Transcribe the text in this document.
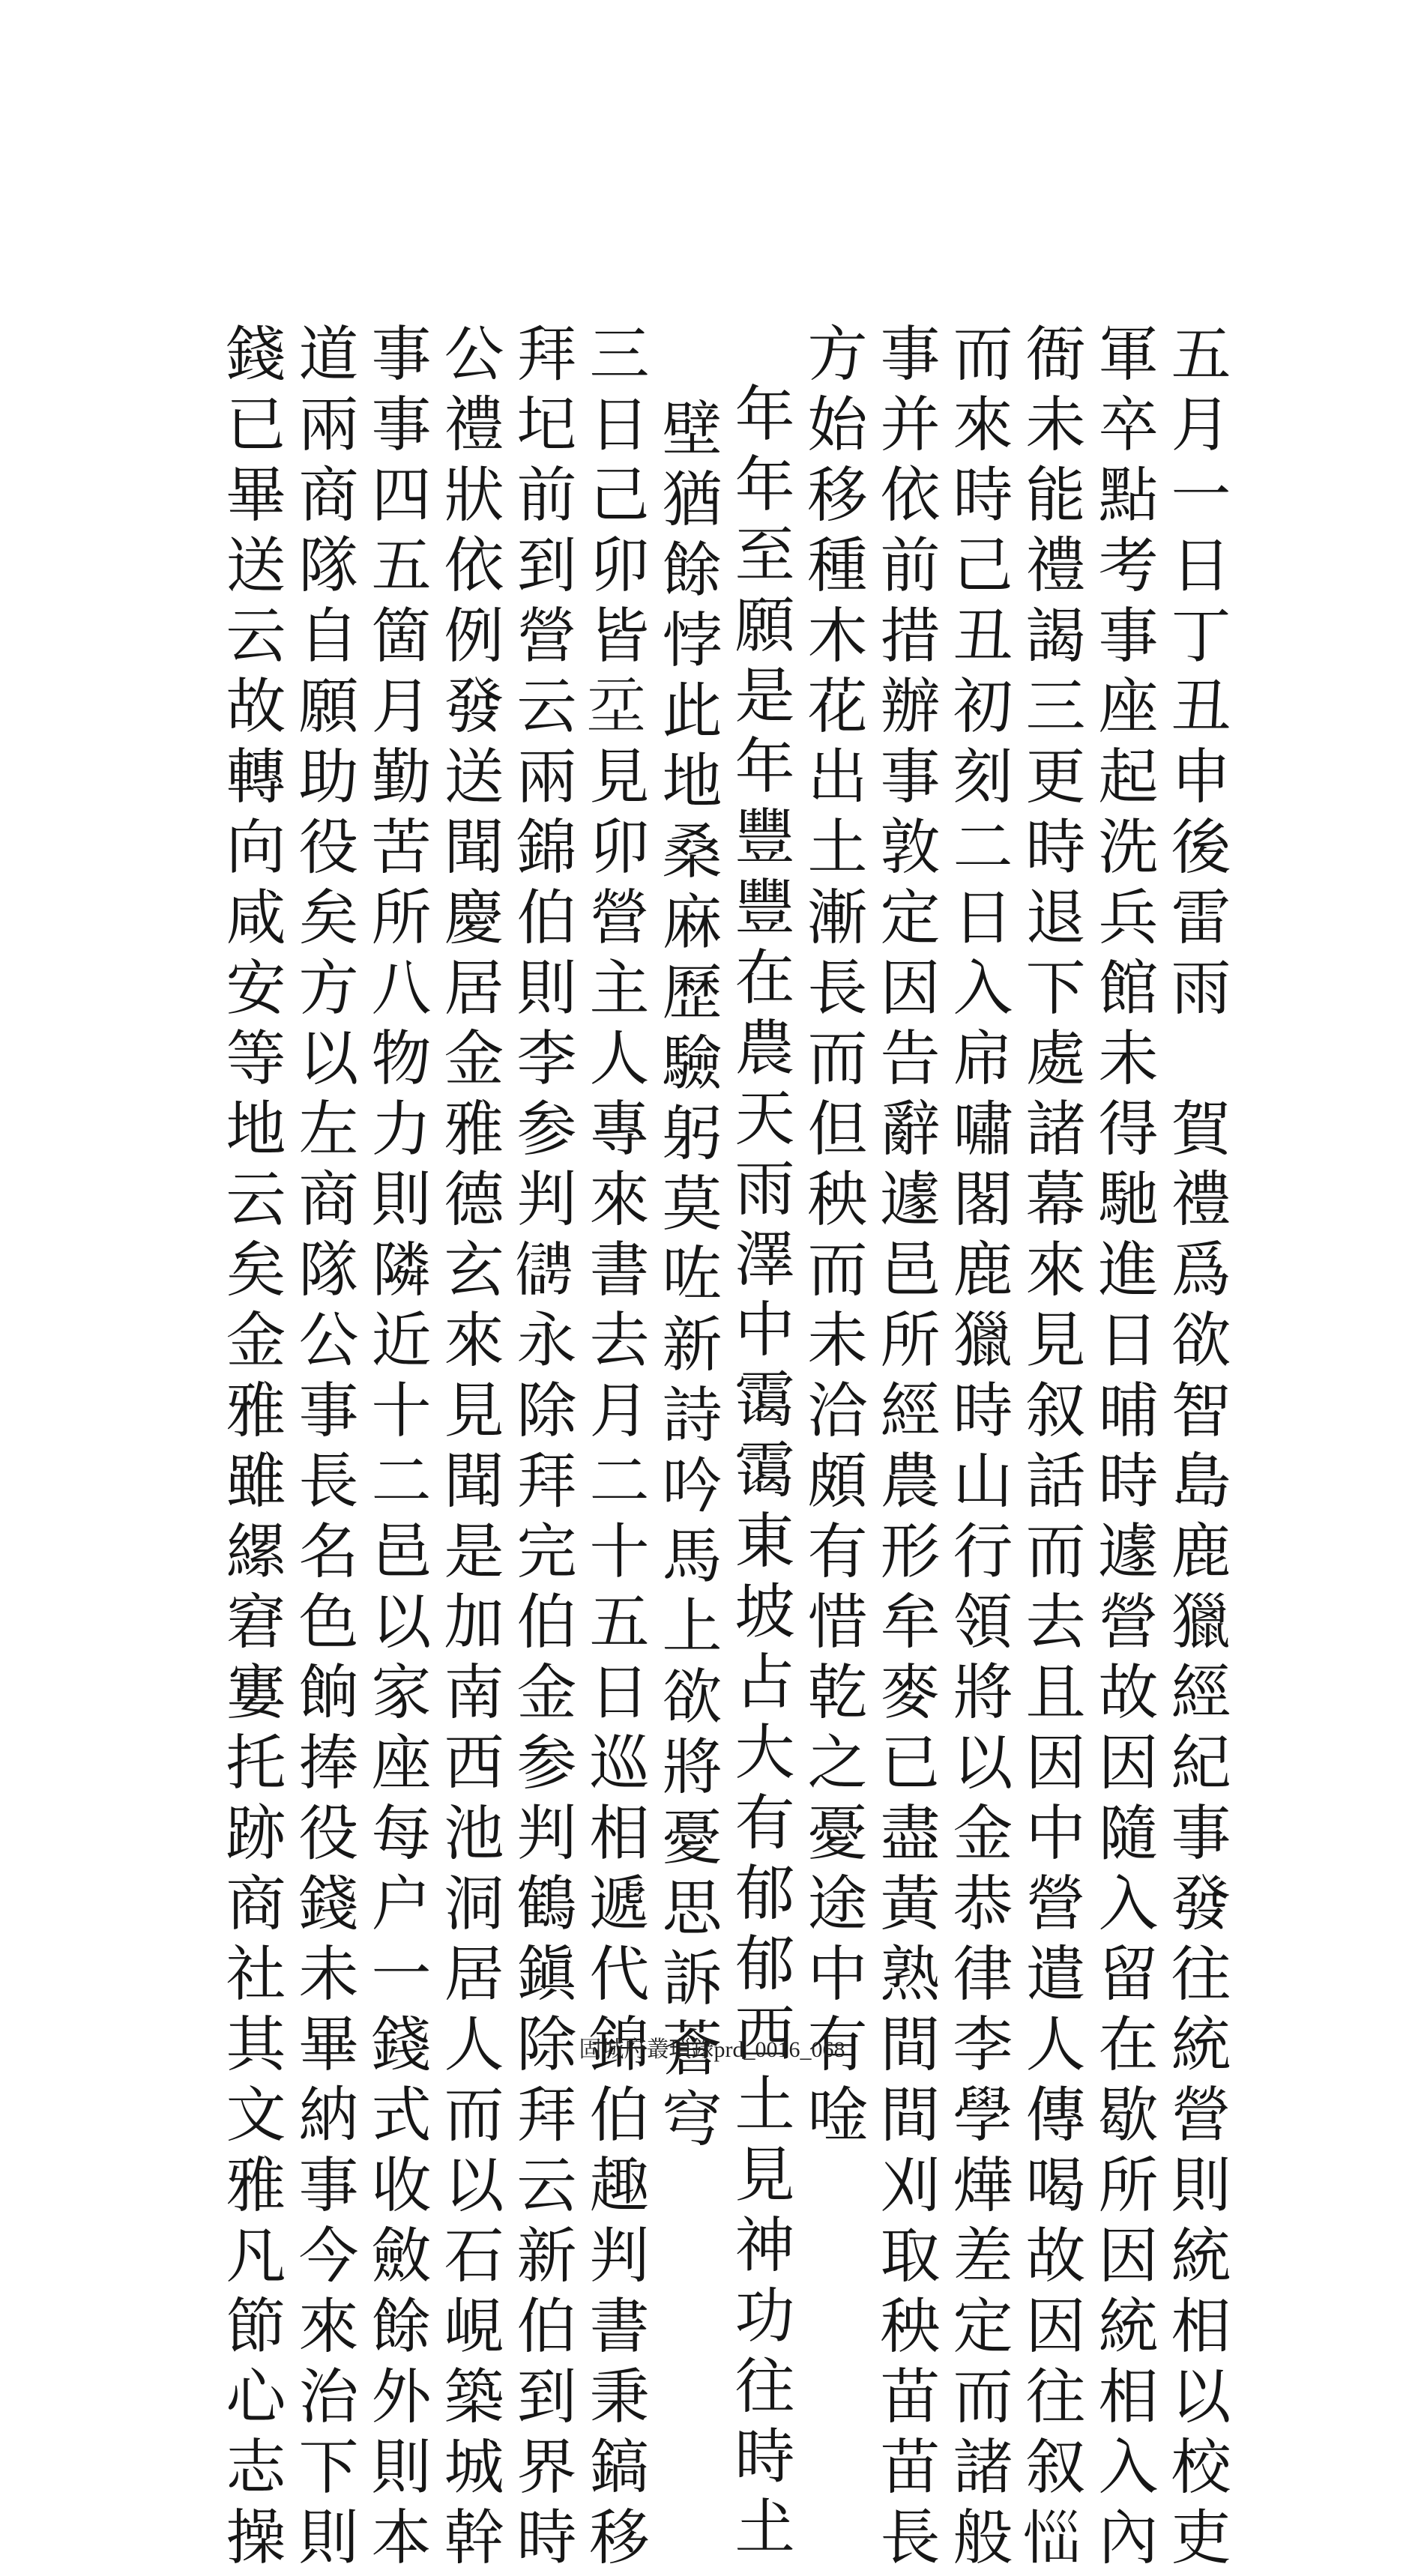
五月一日丁丑申後雷雨　賀禮爲欲智島鹿獵經紀事發往統營則統相以校吏
軍卒點考事座起洗兵館未得馳進日晡時遽營故因隨入留在歇所因統相入內
衙未能禮謁三更時退下處諸幕來見叙話而去且因中營遣人傳喝故因往叙𢙉
而來時己丑初刻二日入帍嘯閣鹿獵時山行領將以金恭律李學燁差定而諸般
事并依前措辦事敦定因告辭遽邑所經農形牟麥已盡黃熟間間刈取秧苗苗長
方始移種木花出土漸長而但秧而未洽頗有惜乾之憂途中有唫
年年至願是年豐豐在農天雨澤中霭霭東坡占大有郁郁西土見神功往時𡈽
壁猶餘悖此地桑麻歷驗躬莫咗新詩吟馬上欲將憂思訴蒼穹
三日己卯皆𡉝見卯營主人專來書去月二十五日巡相遞代錦伯趣判書秉鎬移
拜𡉏前到營云兩錦伯則李参判𢖊永除拜完伯金参判鶴鎭除拜云新伯到界時
公禮狀依例發送聞慶居金雅德玄來見聞是加南西池洞居人而以石峴築城幹
事事四五箇月勤苦所八物力則隣近十二邑以家座每户一錢式收斂餘外則本
道兩商隊自願助役矣方以左商隊公事長名色餉捧役錢未畢納事今來治下則
錢已畢送云故轉向咸安等地云矣金雅雖縲窘寠托跡商社其文雅凡節心志操	固城府叢𤨏錄prd_0016_068
